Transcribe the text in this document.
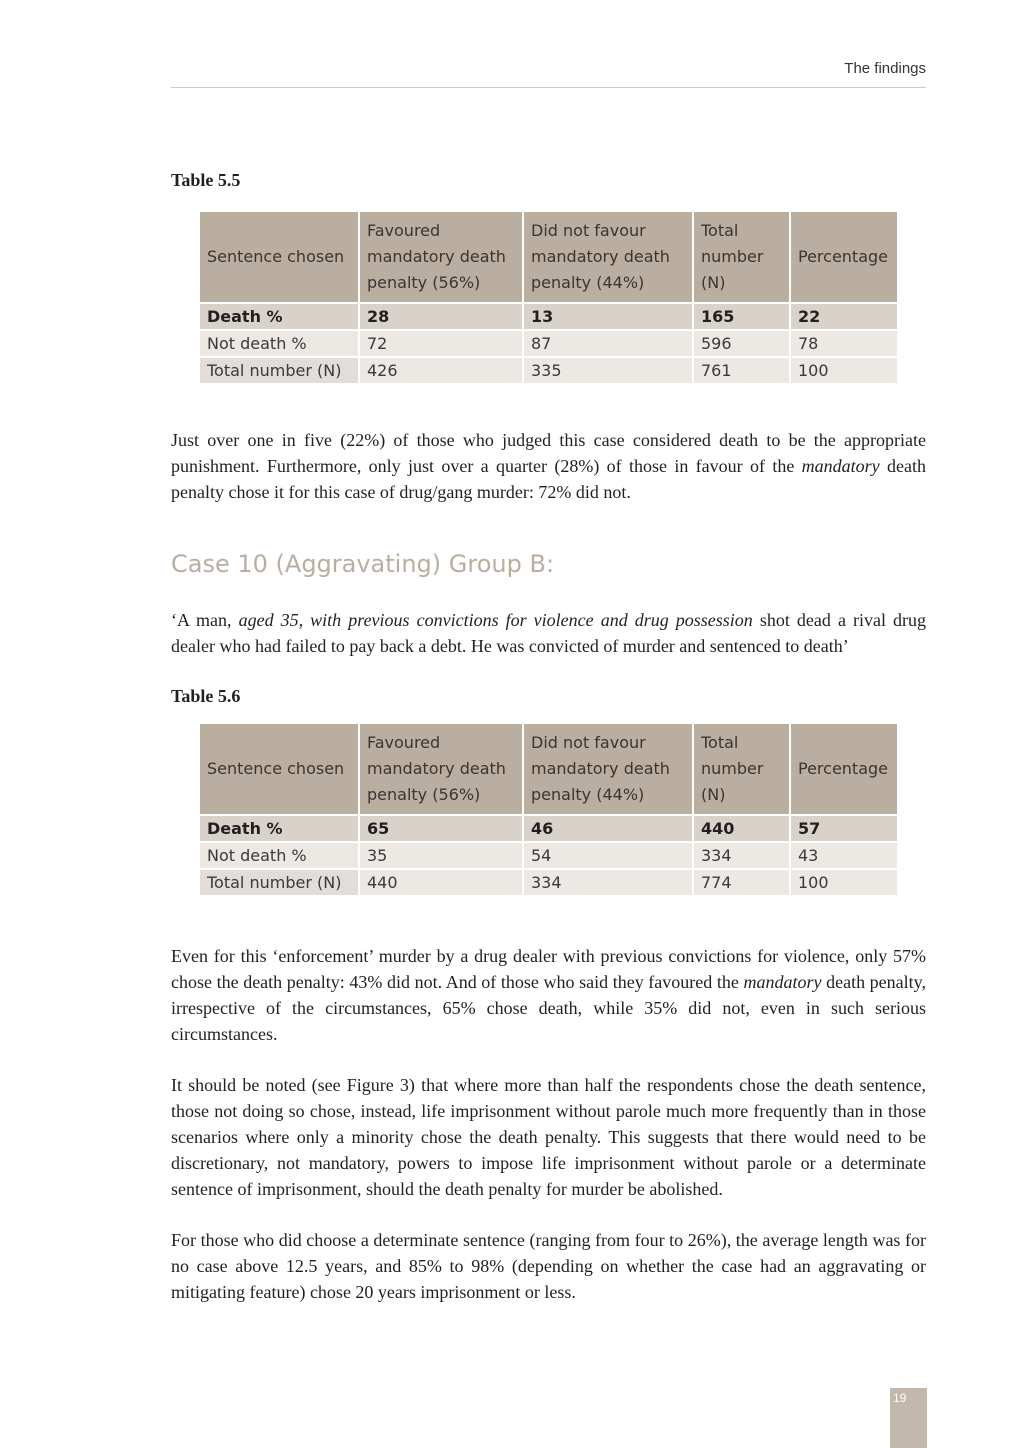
The findings
Table 5.5
Sentence chosen	Favoured mandatory death penalty (56%)	Did not favour mandatory death penalty (44%)	Total number (N)	Percentage
Death %	28	13	165	22
Not death %	72	87	596	78
Total number (N)	426	335	761	100

Just over one in five (22%) of those who judged this case considered death to be the appropriate punishment. Furthermore, only just over a quarter (28%) of those in favour of the mandatory death penalty chose it for this case of drug/gang murder: 72% did not.

Case 10 (Aggravating) Group B:

‘A man, aged 35, with previous convictions for violence and drug possession shot dead a rival drug dealer who had failed to pay back a debt. He was convicted of murder and sentenced to death’

Table 5.6
Sentence chosen	Favoured mandatory death penalty (56%)	Did not favour mandatory death penalty (44%)	Total number (N)	Percentage
Death %	65	46	440	57
Not death %	35	54	334	43
Total number (N)	440	334	774	100

Even for this ‘enforcement’ murder by a drug dealer with previous convictions for violence, only 57% chose the death penalty: 43% did not. And of those who said they favoured the mandatory death penalty, irrespective of the circumstances, 65% chose death, while 35% did not, even in such serious circumstances.

It should be noted (see Figure 3) that where more than half the respondents chose the death sentence, those not doing so chose, instead, life imprisonment without parole much more frequently than in those scenarios where only a minority chose the death penalty. This suggests that there would need to be discretionary, not mandatory, powers to impose life imprisonment without parole or a determinate sentence of imprisonment, should the death penalty for murder be abolished.

For those who did choose a determinate sentence (ranging from four to 26%), the average length was for no case above 12.5 years, and 85% to 98% (depending on whether the case had an aggravating or mitigating feature) chose 20 years imprisonment or less.

19
